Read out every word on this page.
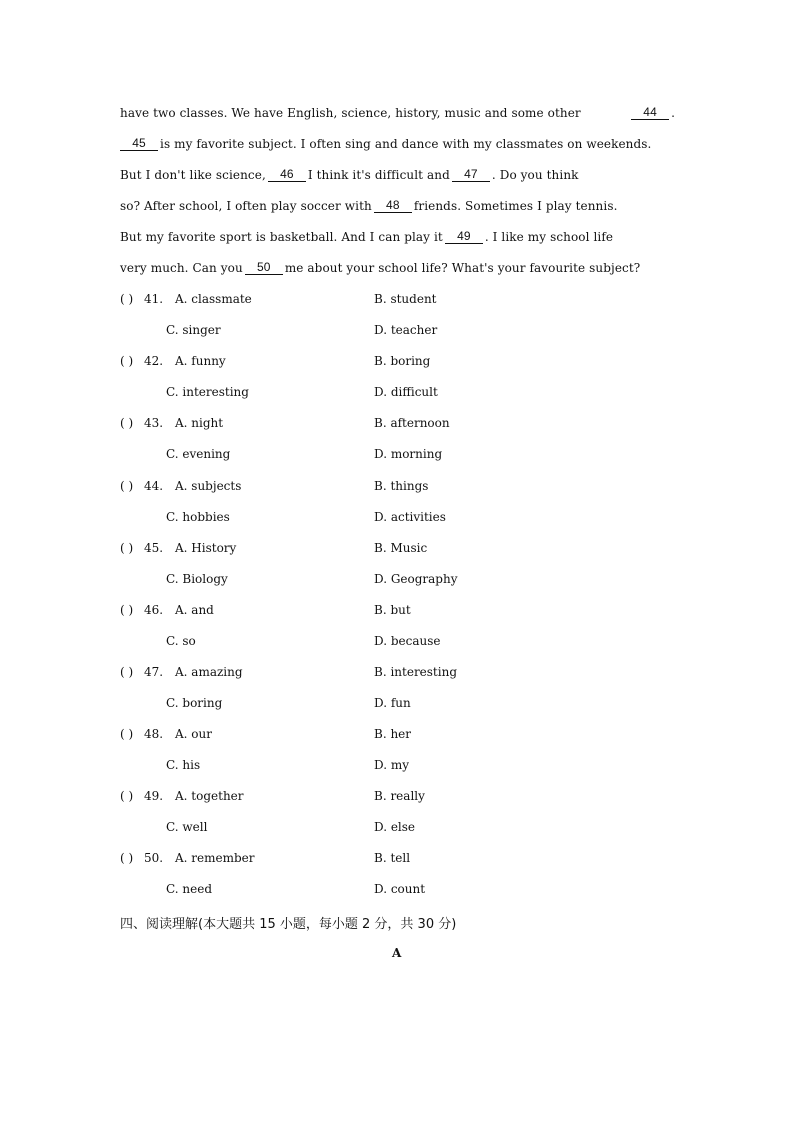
have two classes. We have English, science, history, music and some other	44	.
45	is my favorite subject. I often sing and dance with my classmates on weekends.
But I don't like science,	46	I think it's difficult and	47	. Do you think
so? After school, I often play soccer with	48	friends. Sometimes I play tennis.
But my favorite sport is basketball. And I can play it	49	. I like my school life
very much. Can you	50	me about your school life? What's your favourite subject?
( ) 41. A. classmate	B. student
C. singer	D. teacher
( ) 42. A. funny	B. boring
C. interesting	D. difficult
( ) 43. A. night	B. afternoon
C. evening	D. morning
( ) 44. A. subjects	B. things
C. hobbies	D. activities
( ) 45. A. History	B. Music
C. Biology	D. Geography
( ) 46. A. and	B. but
C. so	D. because
( ) 47. A. amazing	B. interesting
C. boring	D. fun
( ) 48. A. our	B. her
C. his	D. my
( ) 49. A. together	B. really
C. well	D. else
( ) 50. A. remember	B. tell
C. need	D. count
四、阅读理解(本大题共 15 小题，每小题 2 分，共 30 分)
A
